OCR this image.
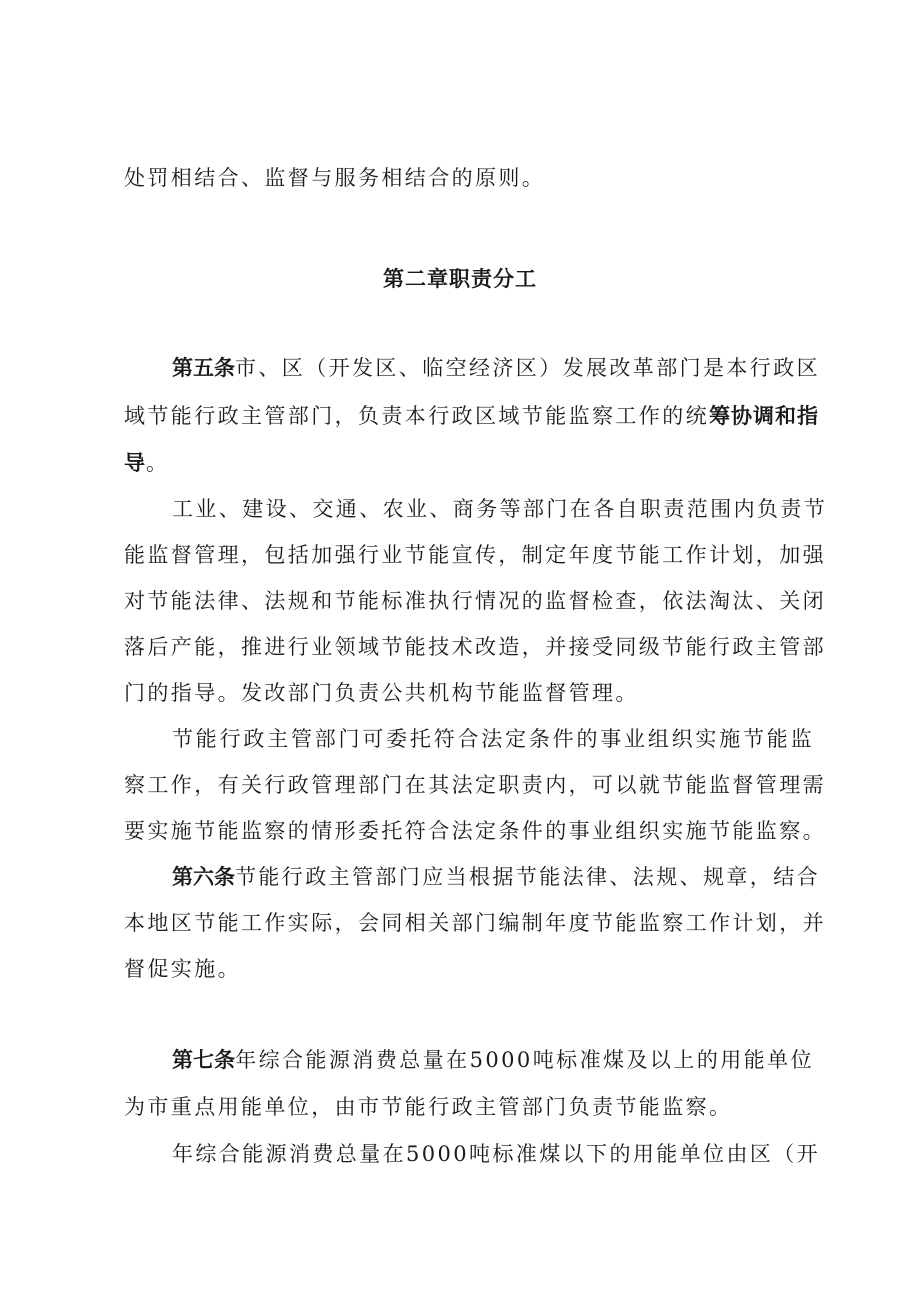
处罚相结合、监督与服务相结合的原则。
第二章职责分工
第五条市、区（开发区、临空经济区）发展改革部门是本行政区
域节能行政主管部门，负责本行政区域节能监察工作的统筹协调和指
导。
工业、建设、交通、农业、商务等部门在各自职责范围内负责节
能监督管理，包括加强行业节能宣传，制定年度节能工作计划，加强
对节能法律、法规和节能标准执行情况的监督检查，依法淘汰、关闭
落后产能，推进行业领域节能技术改造，并接受同级节能行政主管部
门的指导。发改部门负责公共机构节能监督管理。
节能行政主管部门可委托符合法定条件的事业组织实施节能监
察工作，有关行政管理部门在其法定职责内，可以就节能监督管理需
要实施节能监察的情形委托符合法定条件的事业组织实施节能监察。
第六条节能行政主管部门应当根据节能法律、法规、规章，结合
本地区节能工作实际，会同相关部门编制年度节能监察工作计划，并
督促实施。
第七条年综合能源消费总量在5000吨标准煤及以上的用能单位
为市重点用能单位，由市节能行政主管部门负责节能监察。
年综合能源消费总量在5000吨标准煤以下的用能单位由区（开
